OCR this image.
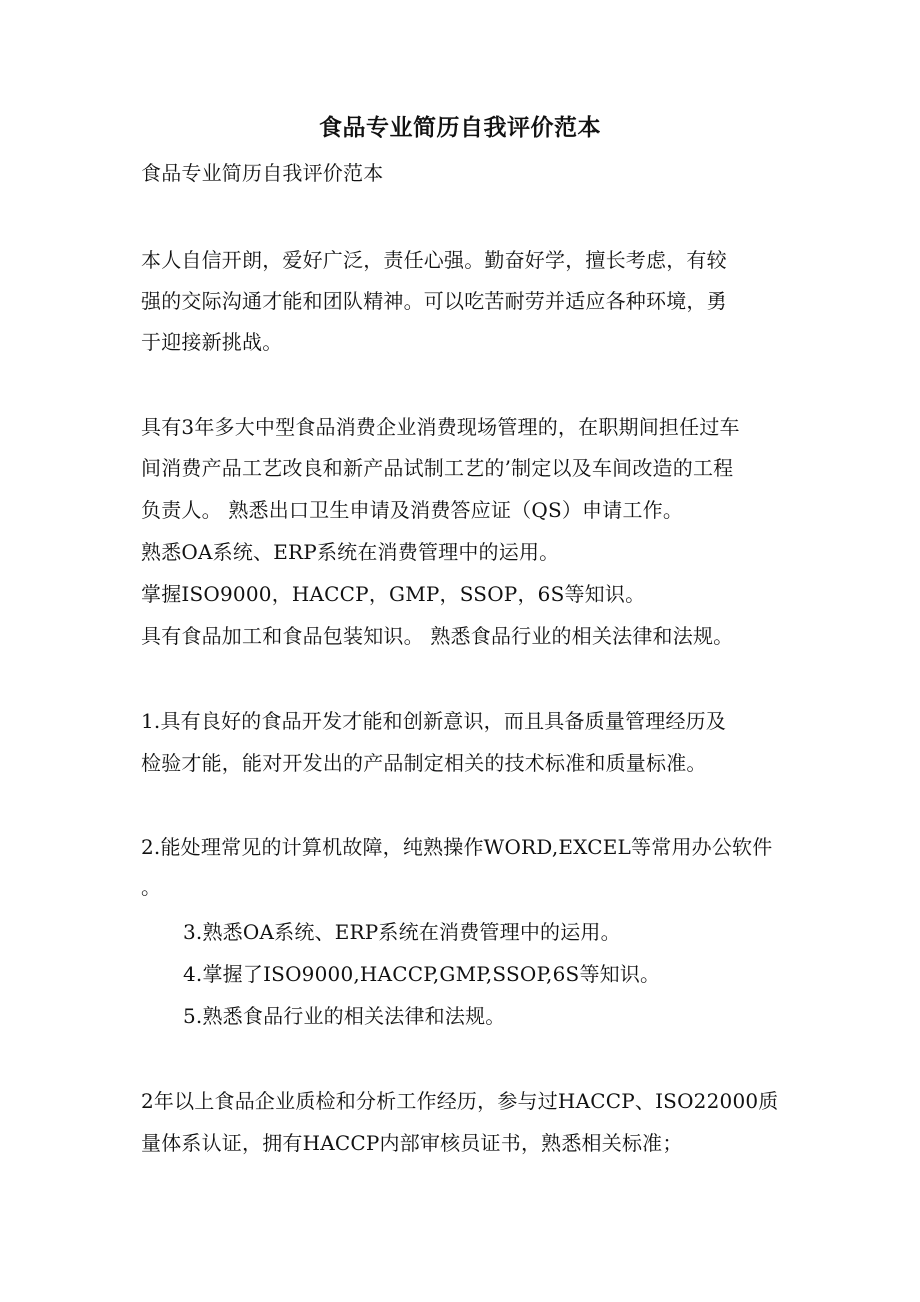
食品专业简历自我评价范本
食品专业简历自我评价范本
本人自信开朗，爱好广泛，责任心强。勤奋好学，擅长考虑，有较
强的交际沟通才能和团队精神。可以吃苦耐劳并适应各种环境，勇
于迎接新挑战。
具有3年多大中型食品消费企业消费现场管理的，在职期间担任过车
间消费产品工艺改良和新产品试制工艺的’制定以及车间改造的工程
负责人。 熟悉出口卫生申请及消费答应证（QS）申请工作。
熟悉OA系统、ERP系统在消费管理中的运用。
掌握ISO9000，HACCP，GMP，SSOP，6S等知识。
具有食品加工和食品包装知识。 熟悉食品行业的相关法律和法规。
1.具有良好的食品开发才能和创新意识，而且具备质量管理经历及
检验才能，能对开发出的产品制定相关的技术标准和质量标准。
2.能处理常见的计算机故障，纯熟操作WORD,EXCEL等常用办公软件
。
3.熟悉OA系统、ERP系统在消费管理中的运用。
4.掌握了ISO9000,HACCP,GMP,SSOP,6S等知识。
5.熟悉食品行业的相关法律和法规。
2年以上食品企业质检和分析工作经历，参与过HACCP、ISO22000质
量体系认证，拥有HACCP内部审核员证书，熟悉相关标准；
